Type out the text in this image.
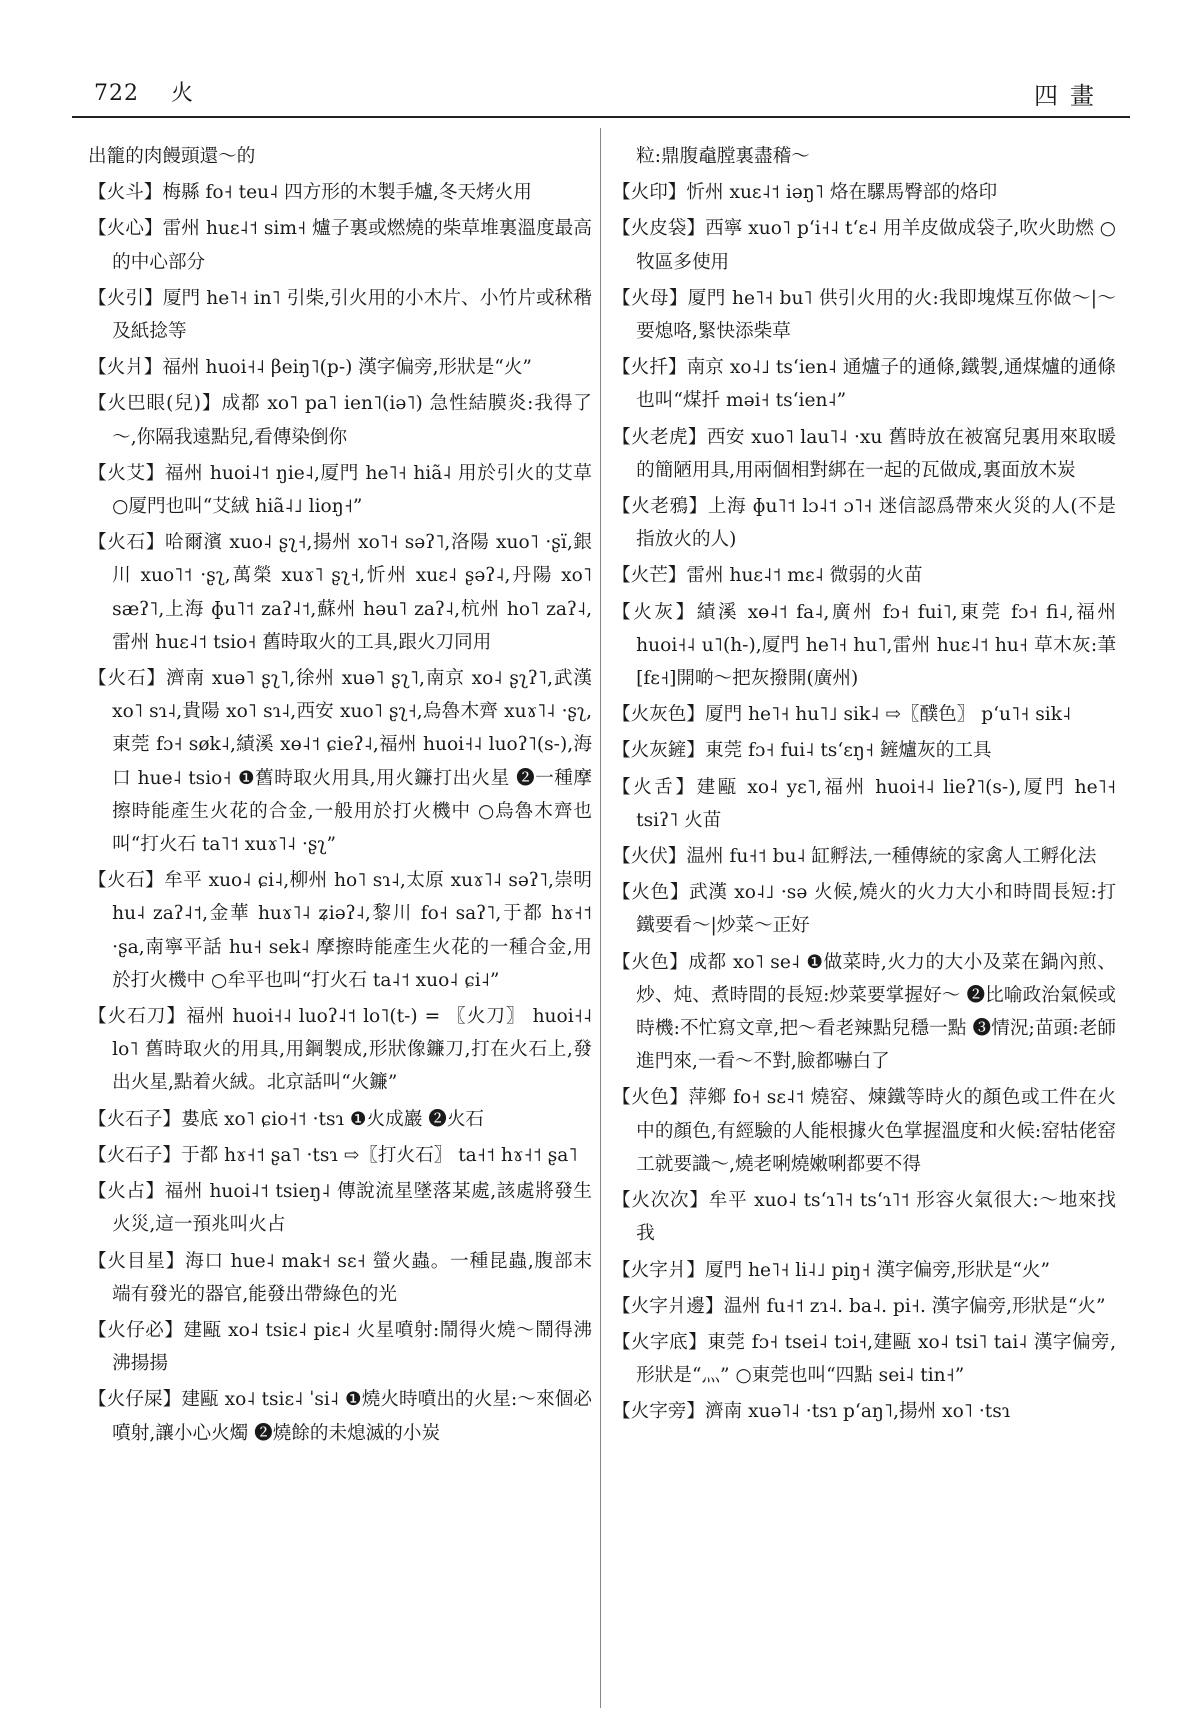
722 火	四畫

出籠的肉饅頭還～的

【火斗】梅縣 fo˧ teu˨ 四方形的木製手爐,冬天烤火用

【火心】雷州 huɛ˨˦ sim˧ 爐子裏或燃燒的柴草堆裏溫度最高的中心部分

【火引】厦門 he˥˧ in˥ 引柴,引火用的小木片、小竹片或秫稭及紙捻等

【火爿】福州 huoi˧˨ βeiŋ˥(p-) 漢字偏旁,形狀是“火”

【火巴眼(兒)】成都 xo˥ pa˥ ien˥(iə˥) 急性結膜炎:我得了～,你隔我遠點兒,看傳染倒你

【火艾】福州 huoi˨˦ ŋie˨,厦門 he˥˧ hiã˨ 用於引火的艾草 ○厦門也叫“艾絨 hiã˨˩ lioŋ˧”

【火石】哈爾濱 xuo˨ ʂʅ˧,揚州 xo˥˧ səʔ˥,洛陽 xuo˥ ·ʂï,銀川 xuo˥˦ ·ʂʅ,萬榮 xuɤ˥ ʂʅ˧,忻州 xuɛ˨ ʂəʔ˨,丹陽 xo˥ sæʔ˥,上海 ɸu˥˦ zaʔ˨˦,蘇州 həu˥ zaʔ˨,杭州 ho˥ zaʔ˨,雷州 huɛ˨˦ tsio˧ 舊時取火的工具,跟火刀同用

【火石】濟南 xuə˥ ʂʅ˥,徐州 xuə˥ ʂʅ˥,南京 xo˨ ʂʅʔ˥,武漢 xo˥ sɿ˨,貴陽 xo˥ sɿ˨,西安 xuo˥ ʂʅ˧,烏魯木齊 xuɤ˥˨ ·ʂʅ,東莞 fɔ˧ søk˨,績溪 xɵ˨˦ ɕieʔ˨,福州 huoi˧˨ luoʔ˥(s-),海口 hue˨ tsio˧ ❶舊時取火用具,用火鐮打出火星 ❷一種摩擦時能產生火花的合金,一般用於打火機中 ○烏魯木齊也叫“打火石 ta˥˦ xuɤ˥˨ ·ʂʅ”

【火石】牟平 xuo˨ ɕi˨,柳州 ho˥ sɿ˨,太原 xuɤ˥˨ səʔ˥,崇明 hu˨ zaʔ˨˦,金華 huɤ˥˨ ʑiəʔ˨,黎川 fo˧ saʔ˥,于都 hɤ˧˦ ·ʂa,南寧平話 hu˧ sek˨ 摩擦時能產生火花的一種合金,用於打火機中 ○牟平也叫“打火石 ta˨˦ xuo˨ ɕi˨”

【火石刀】福州 huoi˧˨ luoʔ˨˦ lo˥(t-) = 〖火刀〗 huoi˧˨ lo˥ 舊時取火的用具,用鋼製成,形狀像鐮刀,打在火石上,發出火星,點着火絨。北京話叫“火鐮”

【火石子】婁底 xo˥ ɕio˧˦ ·tsɿ ❶火成巖 ❷火石

【火石子】于都 hɤ˧˦ ʂa˥ ·tsɿ ⇨〖打火石〗 ta˧˦ hɤ˧˦ ʂa˥

【火占】福州 huoi˨˦ tsieŋ˨ 傳說流星墜落某處,該處將發生火災,這一預兆叫火占

【火目星】海口 hue˨ mak˧ sɛ˧ 螢火蟲。一種昆蟲,腹部末端有發光的器官,能發出帶綠色的光

【火仔必】建甌 xo˨ tsiɛ˨ piɛ˨ 火星噴射:鬧得火燒～鬧得沸沸揚揚

【火仔屎】建甌 xo˨ tsiɛ˨ ˈsi˨ ❶燒火時噴出的火星:～來個必噴射,讓小心火燭 ❷燒餘的未熄滅的小炭

粒:鼎腹鼀膛裏盡稽～

【火印】忻州 xuɛ˨˦ iəŋ˥ 烙在騾馬臀部的烙印

【火皮袋】西寧 xuo˥ pʻi˧˨ tʻɛ˨ 用羊皮做成袋子,吹火助燃 ○牧區多使用

【火母】厦門 he˥˧ bu˥ 供引火用的火:我即塊煤互你做～|～要熄咯,緊快添柴草

【火扦】南京 xo˨˩ tsʻien˨ 通爐子的通條,鐵製,通煤爐的通條也叫“煤扦 məi˧ tsʻien˨”

【火老虎】西安 xuo˥ lau˥˨ ·xu 舊時放在被窩兒裏用來取暖的簡陋用具,用兩個相對綁在一起的瓦做成,裏面放木炭

【火老鴉】上海 ɸu˥˦ lɔ˨˦ ɔ˥˧ 迷信認爲帶來火災的人(不是指放火的人)

【火芒】雷州 huɛ˨˦ mɛ˨ 微弱的火苗

【火灰】績溪 xɵ˨˦ fa˨,廣州 fɔ˧ fui˥,東莞 fɔ˧ fi˨,福州 huoi˧˨ u˥(h-),厦門 he˥˧ hu˥,雷州 huɛ˨˦ hu˧ 草木灰:茟[fɛ˧]開啲～把灰撥開(廣州)

【火灰色】厦門 he˥˧ hu˥˩ sik˨ ⇨〖醭色〗 pʻu˥˧ sik˨

【火灰鏟】東莞 fɔ˧ fui˨ tsʻɛŋ˧ 鏟爐灰的工具

【火舌】建甌 xo˨ yɛ˥,福州 huoi˧˨ lieʔ˥(s-),厦門 he˥˧ tsiʔ˥ 火苗

【火伏】温州 fu˧˦ bu˨ 缸孵法,一種傳統的家禽人工孵化法

【火色】武漢 xo˨˩ ·sə 火候,燒火的火力大小和時間長短:打鐵要看～|炒菜～正好

【火色】成都 xo˥ se˨ ❶做菜時,火力的大小及菜在鍋內煎、炒、炖、煮時間的長短:炒菜要掌握好～ ❷比喻政治氣候或時機:不忙寫文章,把～看老辣點兒穩一點 ❸情況;苗頭:老師進門來,一看～不對,臉都嚇白了

【火色】萍鄉 fo˧ sɛ˨˦ 燒窑、煉鐵等時火的顏色或工件在火中的顏色,有經驗的人能根據火色掌握溫度和火候:窑牯佬窑工就要識～,燒老唎燒嫩唎都要不得

【火次次】牟平 xuo˨ tsʻɿ˥˧ tsʻɿ˥˦ 形容火氣很大:～地來找我

【火字爿】厦門 he˥˧ li˨˩ piŋ˧ 漢字偏旁,形狀是“火”

【火字爿邊】温州 fu˧˦ zɿ˨. ba˨. pi˧. 漢字偏旁,形狀是“火”

【火字底】東莞 fɔ˧ tsei˨ tɔi˧,建甌 xo˨ tsi˥ tai˨ 漢字偏旁,形狀是“灬” ○東莞也叫“四點 sei˨ tin˧”

【火字旁】濟南 xuə˥˨ ·tsɿ pʻaŋ˥,揚州 xo˥ ·tsɿ
